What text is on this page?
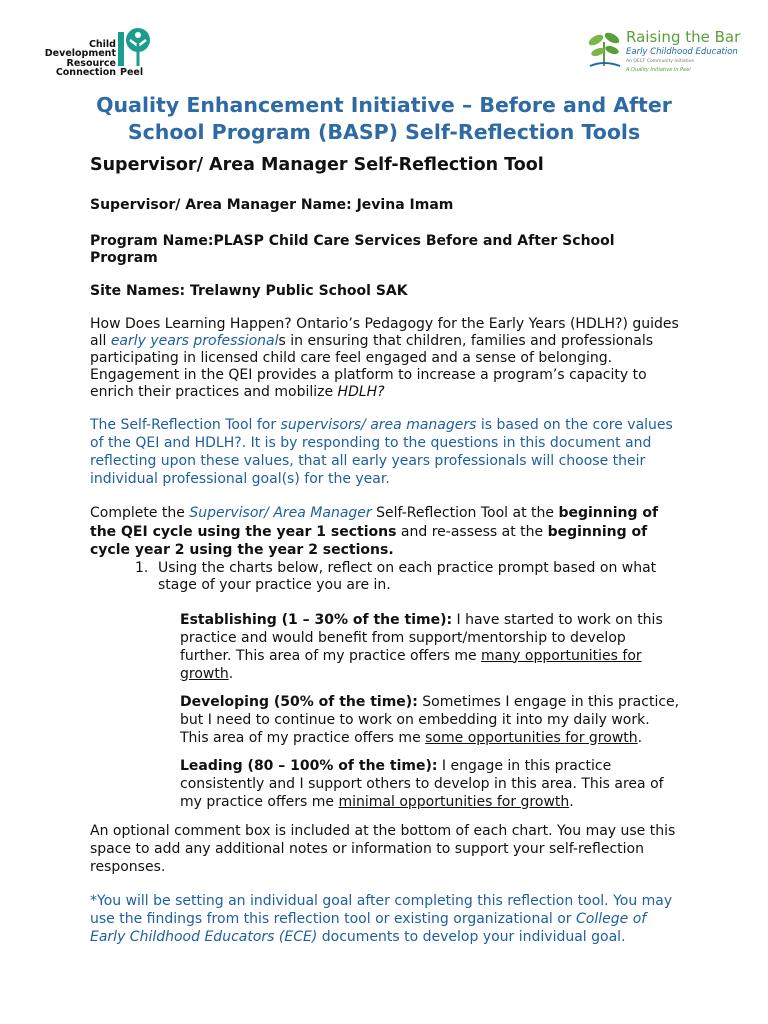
Child
Development
Resource
Connection Peel
Raising the Bar
Early Childhood Education
An QECF Community Initiative
A Quality Initiative in Peel
Quality Enhancement Initiative – Before and After School Program (BASP) Self-Reflection Tools

Supervisor/ Area Manager Self-Reflection Tool

Supervisor/ Area Manager Name: Jevina Imam

Program Name:PLASP Child Care Services Before and After School Program

Site Names: Trelawny Public School SAK

How Does Learning Happen? Ontario’s Pedagogy for the Early Years (HDLH?) guides all early years professionals in ensuring that children, families and professionals participating in licensed child care feel engaged and a sense of belonging. Engagement in the QEI provides a platform to increase a program’s capacity to enrich their practices and mobilize HDLH?

The Self-Reflection Tool for supervisors/ area managers is based on the core values of the QEI and HDLH?. It is by responding to the questions in this document and reflecting upon these values, that all early years professionals will choose their individual professional goal(s) for the year.

Complete the Supervisor/ Area Manager Self-Reflection Tool at the beginning of the QEI cycle using the year 1 sections and re-assess at the beginning of cycle year 2 using the year 2 sections.

1. Using the charts below, reflect on each practice prompt based on what stage of your practice you are in.

Establishing (1 – 30% of the time): I have started to work on this practice and would benefit from support/mentorship to develop further. This area of my practice offers me many opportunities for growth.
Developing (50% of the time): Sometimes I engage in this practice, but I need to continue to work on embedding it into my daily work. This area of my practice offers me some opportunities for growth.
Leading (80 – 100% of the time): I engage in this practice consistently and I support others to develop in this area. This area of my practice offers me minimal opportunities for growth.

An optional comment box is included at the bottom of each chart. You may use this space to add any additional notes or information to support your self-reflection responses.

*You will be setting an individual goal after completing this reflection tool. You may use the findings from this reflection tool or existing organizational or College of Early Childhood Educators (ECE) documents to develop your individual goal.
